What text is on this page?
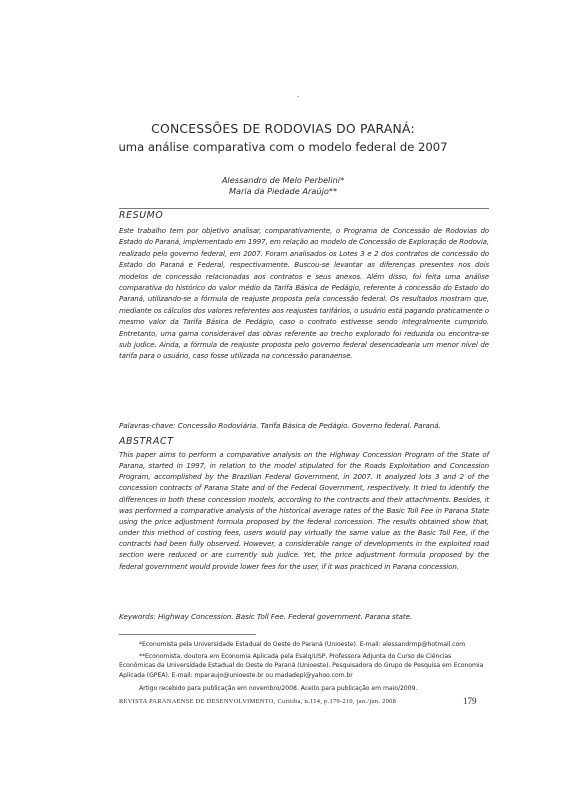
CONCESSÕES DE RODOVIAS DO PARANÁ:
uma análise comparativa com o modelo federal de 2007
Alessandro de Melo Perbelini*
Maria da Piedade Araújo**
RESUMO
Este trabalho tem por objetivo analisar, comparativamente, o Programa de Concessão de Rodovias do Estado do Paraná, implementado em 1997, em relação ao modelo de Concessão de Exploração de Rodovia, realizado pelo governo federal, em 2007. Foram analisados os Lotes 3 e 2 dos contratos de concessão do Estado do Paraná e Federal, respectivamente. Buscou-se levantar as diferenças presentes nos dois modelos de concessão relacionadas aos contratos e seus anexos. Além disso, foi feita uma análise comparativa do histórico do valor médio da Tarifa Básica de Pedágio, referente à concessão do Estado do Paraná, utilizando-se a fórmula de reajuste proposta pela concessão federal. Os resultados mostram que, mediante os cálculos dos valores referentes aos reajustes tarifários, o usuário está pagando praticamente o mesmo valor da Tarifa Básica de Pedágio, caso o contrato estivesse sendo integralmente cumprido. Entretanto, uma gama considerável das obras referente ao trecho explorado foi reduzida ou encontra-se sub judice. Ainda, a fórmula de reajuste proposta pelo governo federal desencadearia um menor nível de tarifa para o usuário, caso fosse utilizada na concessão paranaense.
Palavras-chave: Concessão Rodoviária. Tarifa Básica de Pedágio. Governo federal. Paraná.
ABSTRACT
This paper aims to perform a comparative analysis on the Highway Concession Program of the State of Parana, started in 1997, in relation to the model stipulated for the Roads Exploitation and Concession Program, accomplished by the Brazilian Federal Government, in 2007. It analyzed lots 3 and 2 of the concession contracts of Parana State and of the Federal Government, respectively. It tried to identify the differences in both these concession models, according to the contracts and their attachments. Besides, it was performed a comparative analysis of the historical average rates of the Basic Toll Fee in Parana State using the price adjustment formula proposed by the federal concession. The results obtained show that, under this method of costing fees, users would pay virtually the same value as the Basic Toll Fee, if the contracts had been fully observed. However, a considerable range of developments in the exploited road section were reduced or are currently sub judice. Yet, the price adjustment formula proposed by the federal government would provide lower fees for the user, if it was practiced in Parana concession.
Keywords: Highway Concession. Basic Toll Fee. Federal government. Parana state.
*Economista pela Universidade Estadual do Oeste do Paraná (Unioeste). E-mail: alessandrmp@hotmail.com
**Economista, doutora em Economia Aplicada pela Esalq/USP, Professora Adjunta do Curso de Ciências Econômicas da Universidade Estadual do Oeste do Paraná (Unioeste). Pesquisadora do Grupo de Pesquisa em Economia Aplicada (GPEA). E-mail: mparaujo@unioeste.br ou madadepi@yahoo.com.br
Artigo recebido para publicação em novembro/2008. Aceito para publicação em maio/2009.
REVISTA PARANAENSE DE DESENVOLVIMENTO, Curitiba, n.114, p.179-210, jan./jun. 2008	179
